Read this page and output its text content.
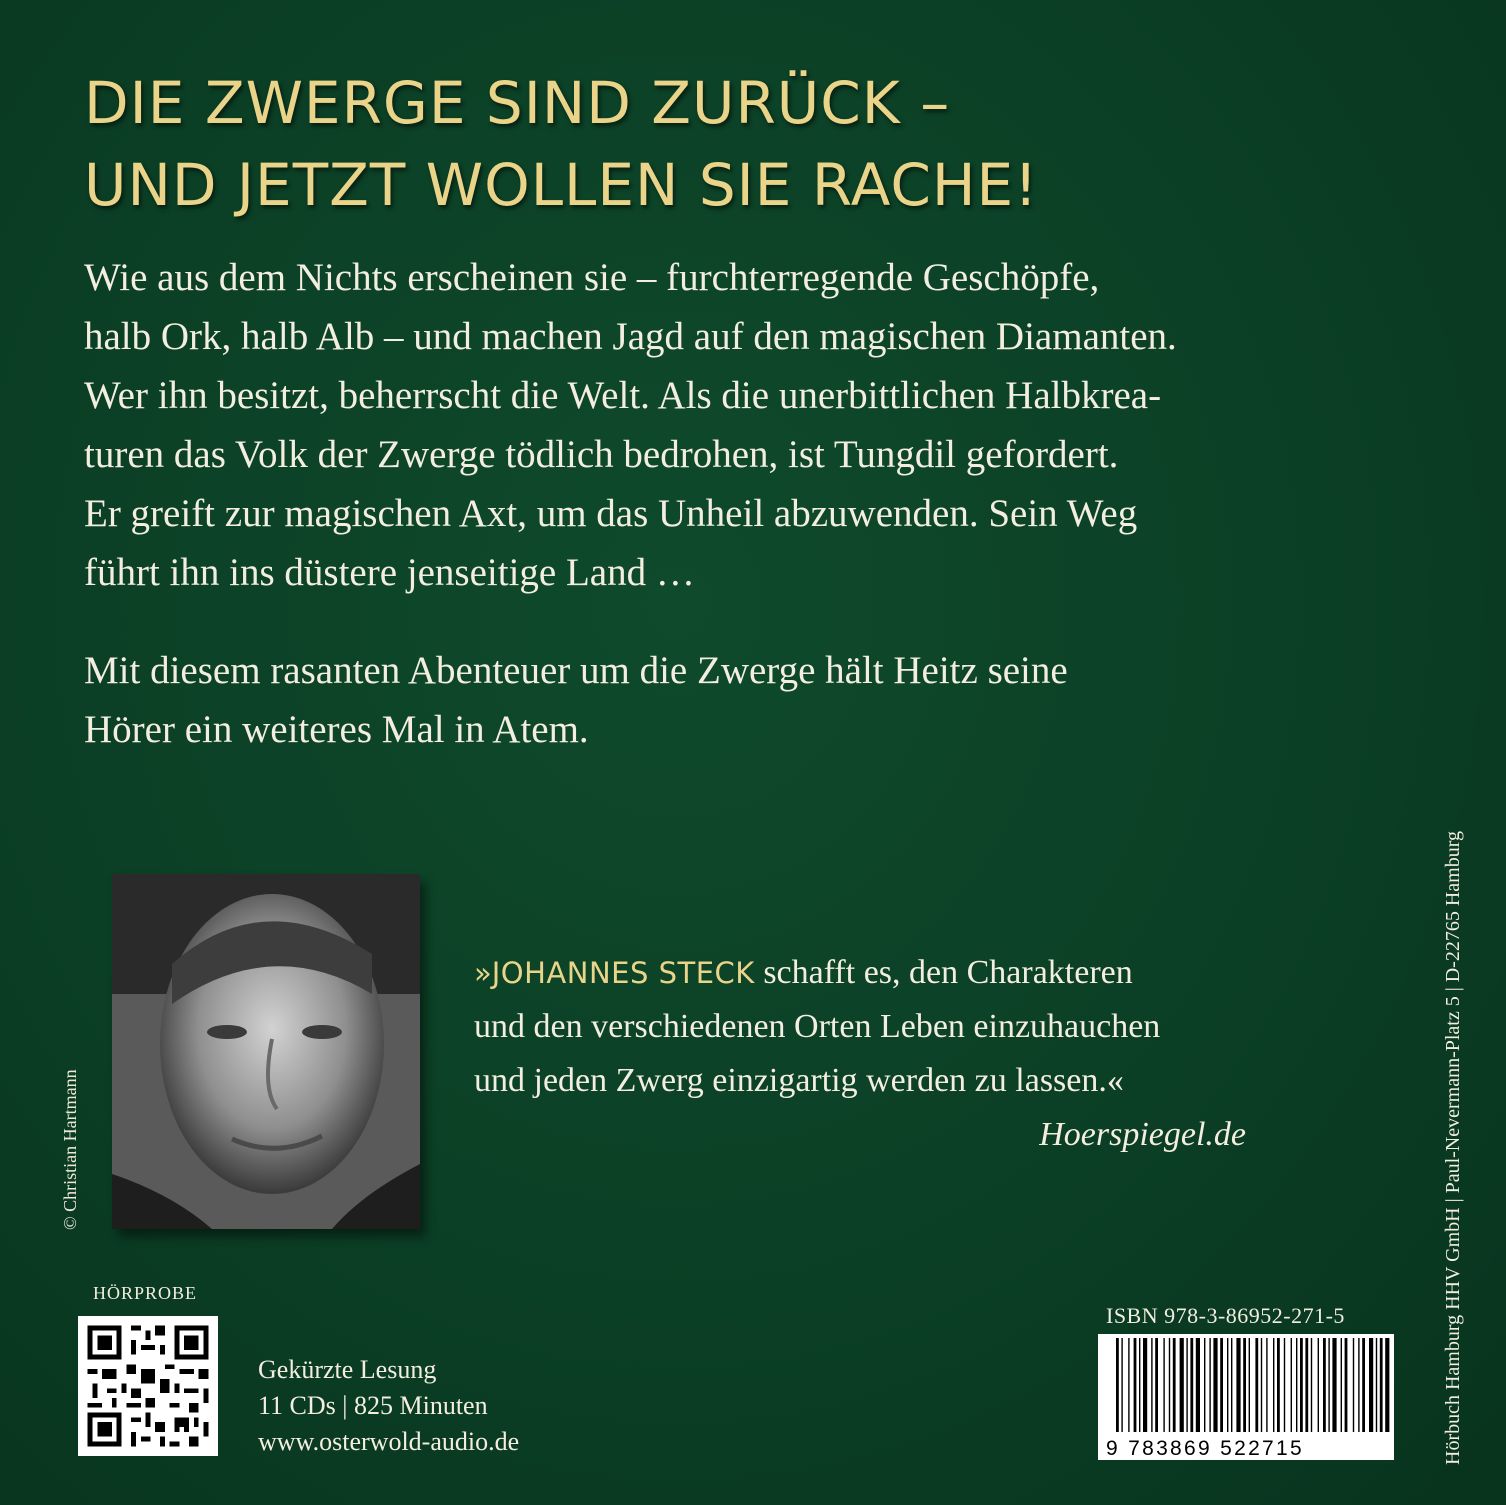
DIE ZWERGE SIND ZURÜCK –
UND JETZT WOLLEN SIE RACHE!
Wie aus dem Nichts erscheinen sie – furchterregende Geschöpfe,
halb Ork, halb Alb – und machen Jagd auf den magischen Diamanten.
Wer ihn besitzt, beherrscht die Welt. Als die unerbittlichen Halbkrea-
turen das Volk der Zwerge tödlich bedrohen, ist Tungdil gefordert.
Er greift zur magischen Axt, um das Unheil abzuwenden. Sein Weg
führt ihn ins düstere jenseitige Land …
Mit diesem rasanten Abenteuer um die Zwerge hält Heitz seine
Hörer ein weiteres Mal in Atem.
© Christian Hartmann
»JOHANNES STECK schafft es, den Charakteren
und den verschiedenen Orten Leben einzuhauchen
und jeden Zwerg einzigartig werden zu lassen.«
Hoerspiegel.de
HÖRPROBE
Gekürzte Lesung
11 CDs | 825 Minuten
www.osterwold-audio.de
ISBN 978-3-86952-271-5
9 783869 522715	Hörbuch Hamburg HHV GmbH | Paul-Nevermann-Platz 5 | D-22765 Hamburg
